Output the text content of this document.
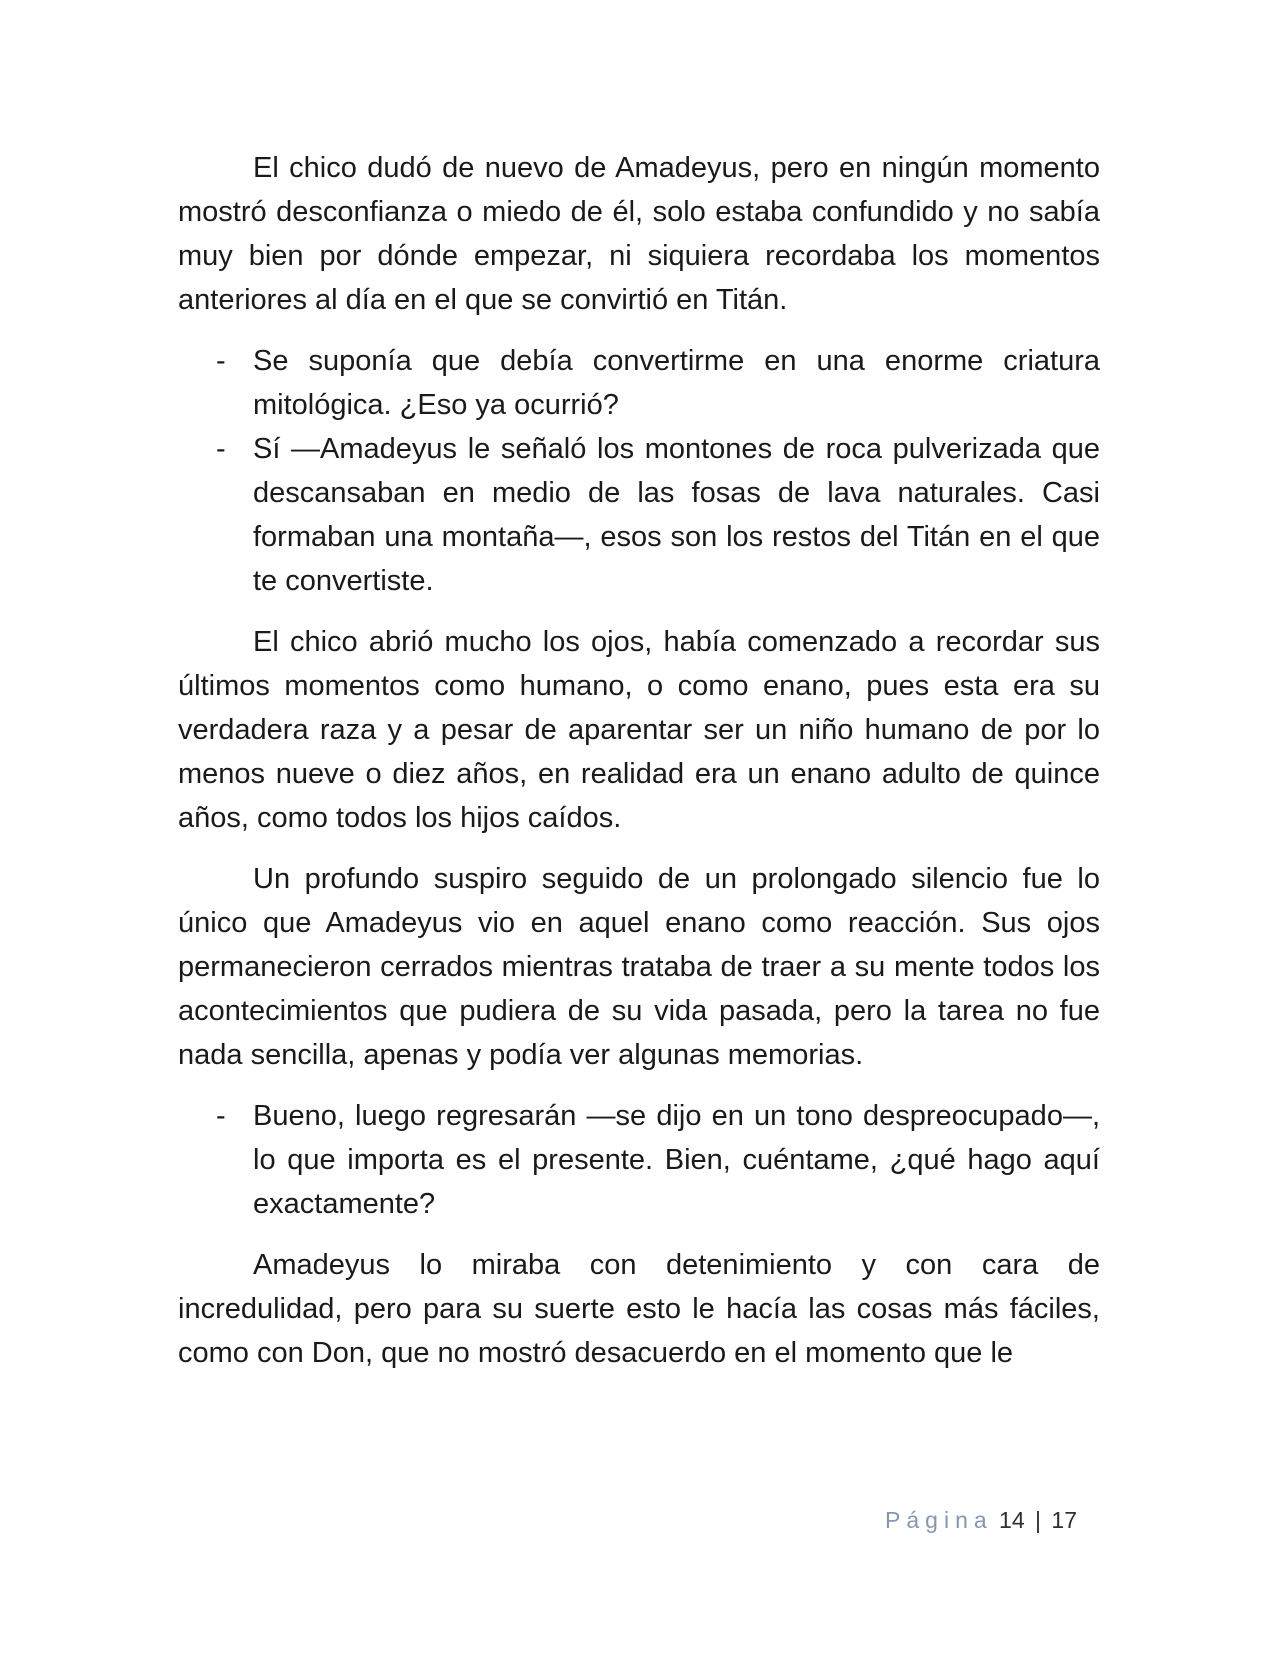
El chico dudó de nuevo de Amadeyus, pero en ningún momento mostró desconfianza o miedo de él, solo estaba confundido y no sabía muy bien por dónde empezar, ni siquiera recordaba los momentos anteriores al día en el que se convirtió en Titán.

- Se suponía que debía convertirme en una enorme criatura mitológica. ¿Eso ya ocurrió?
- Sí —Amadeyus le señaló los montones de roca pulverizada que descansaban en medio de las fosas de lava naturales. Casi formaban una montaña—, esos son los restos del Titán en el que te convertiste.

El chico abrió mucho los ojos, había comenzado a recordar sus últimos momentos como humano, o como enano, pues esta era su verdadera raza y a pesar de aparentar ser un niño humano de por lo menos nueve o diez años, en realidad era un enano adulto de quince años, como todos los hijos caídos.

Un profundo suspiro seguido de un prolongado silencio fue lo único que Amadeyus vio en aquel enano como reacción. Sus ojos permanecieron cerrados mientras trataba de traer a su mente todos los acontecimientos que pudiera de su vida pasada, pero la tarea no fue nada sencilla, apenas y podía ver algunas memorias.

- Bueno, luego regresarán —se dijo en un tono despreocupado—, lo que importa es el presente. Bien, cuéntame, ¿qué hago aquí exactamente?

Amadeyus lo miraba con detenimiento y con cara de incredulidad, pero para su suerte esto le hacía las cosas más fáciles, como con Don, que no mostró desacuerdo en el momento que le

Página 14 | 17
